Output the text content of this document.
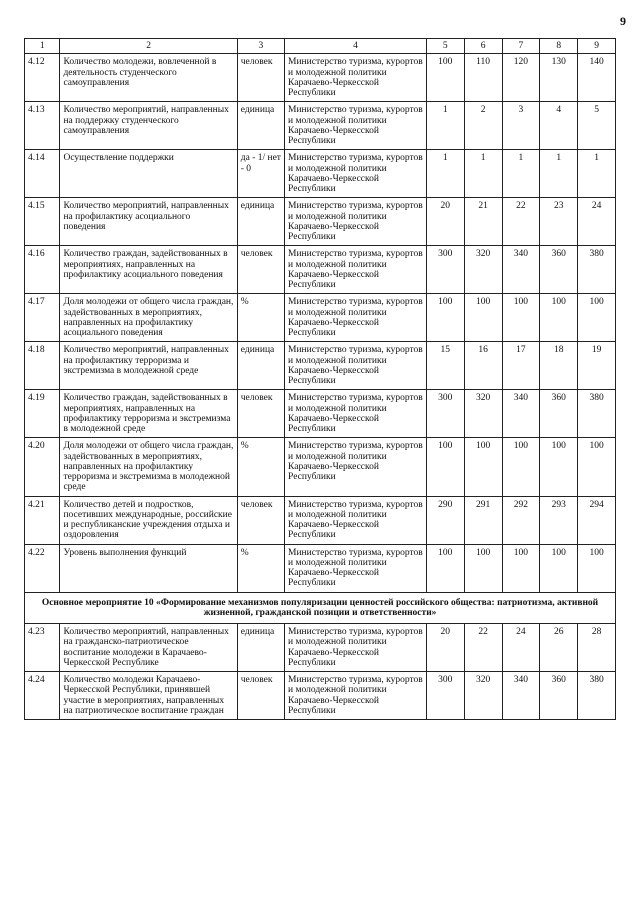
9
1	2	3	4	5	6	7	8	9
4.12	Количество молодежи, вовлеченной в деятельность студенческого самоуправления	человек	Министерство туризма, курортов и молодежной политики Карачаево-Черкесской Республики	100	110	120	130	140
4.13	Количество мероприятий, направленных на поддержку студенческого самоуправления	единица	Министерство туризма, курортов и молодежной политики Карачаево-Черкесской Республики	1	2	3	4	5
4.14	Осуществление поддержки	да - 1/ нет - 0	Министерство туризма, курортов и молодежной политики Карачаево-Черкесской Республики	1	1	1	1	1
4.15	Количество мероприятий, направленных на профилактику асоциального поведения	единица	Министерство туризма, курортов и молодежной политики Карачаево-Черкесской Республики	20	21	22	23	24
4.16	Количество граждан, задействованных в мероприятиях, направленных на профилактику асоциального поведения	человек	Министерство туризма, курортов и молодежной политики Карачаево-Черкесской Республики	300	320	340	360	380
4.17	Доля молодежи от общего числа граждан, задействованных в мероприятиях, направленных на профилактику асоциального поведения	%	Министерство туризма, курортов и молодежной политики Карачаево-Черкесской Республики	100	100	100	100	100
4.18	Количество мероприятий, направленных на профилактику терроризма и экстремизма в молодежной среде	единица	Министерство туризма, курортов и молодежной политики Карачаево-Черкесской Республики	15	16	17	18	19
4.19	Количество граждан, задействованных в мероприятиях, направленных на профилактику терроризма и экстремизма в молодежной среде	человек	Министерство туризма, курортов и молодежной политики Карачаево-Черкесской Республики	300	320	340	360	380
4.20	Доля молодежи от общего числа граждан, задействованных в мероприятиях, направленных на профилактику терроризма и экстремизма в молодежной среде	%	Министерство туризма, курортов и молодежной политики Карачаево-Черкесской Республики	100	100	100	100	100
4.21	Количество детей и подростков, посетивших международные, российские и республиканские учреждения отдыха и оздоровления	человек	Министерство туризма, курортов и молодежной политики Карачаево-Черкесской Республики	290	291	292	293	294
4.22	Уровень выполнения функций	%	Министерство туризма, курортов и молодежной политики Карачаево-Черкесской Республики	100	100	100	100	100
Основное мероприятие 10 «Формирование механизмов популяризации ценностей российского общества: патриотизма, активной жизненной, гражданской позиции и ответственности»								
4.23	Количество мероприятий, направленных на гражданско-патриотическое воспитание молодежи в Карачаево-Черкесской Республике	единица	Министерство туризма, курортов и молодежной политики Карачаево-Черкесской Республики	20	22	24	26	28
4.24	Количество молодежи Карачаево-Черкесской Республики, принявшей участие в мероприятиях, направленных на патриотическое воспитание граждан	человек	Министерство туризма, курортов и молодежной политики Карачаево-Черкесской Республики	300	320	340	360	380
